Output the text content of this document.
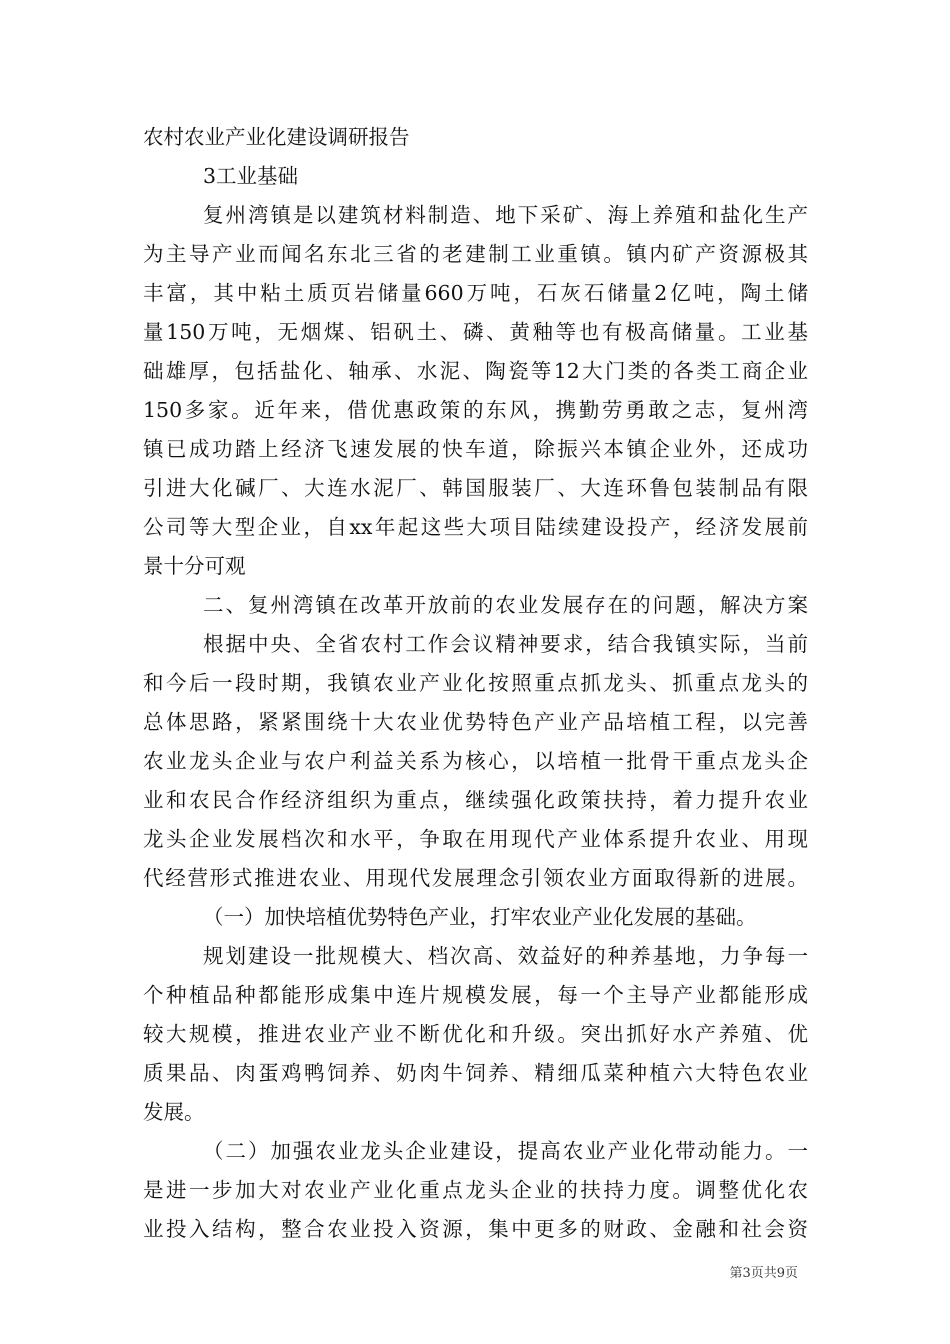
农村农业产业化建设调研报告
3工业基础
复州湾镇是以建筑材料制造、地下采矿、海上养殖和盐化生产
为主导产业而闻名东北三省的老建制工业重镇。镇内矿产资源极其
丰富，其中粘土质页岩储量660万吨，石灰石储量2亿吨，陶土储
量150万吨，无烟煤、铝矾土、磷、黄釉等也有极高储量。工业基
础雄厚，包括盐化、轴承、水泥、陶瓷等12大门类的各类工商企业
150多家。近年来，借优惠政策的东风，携勤劳勇敢之志，复州湾
镇已成功踏上经济飞速发展的快车道，除振兴本镇企业外，还成功
引进大化碱厂、大连水泥厂、韩国服装厂、大连环鲁包装制品有限
公司等大型企业，自xx年起这些大项目陆续建设投产，经济发展前
景十分可观
二、复州湾镇在改革开放前的农业发展存在的问题，解决方案
根据中央、全省农村工作会议精神要求，结合我镇实际，当前
和今后一段时期，我镇农业产业化按照重点抓龙头、抓重点龙头的
总体思路，紧紧围绕十大农业优势特色产业产品培植工程，以完善
农业龙头企业与农户利益关系为核心，以培植一批骨干重点龙头企
业和农民合作经济组织为重点，继续强化政策扶持，着力提升农业
龙头企业发展档次和水平，争取在用现代产业体系提升农业、用现
代经营形式推进农业、用现代发展理念引领农业方面取得新的进展。
（一）加快培植优势特色产业，打牢农业产业化发展的基础。
规划建设一批规模大、档次高、效益好的种养基地，力争每一
个种植品种都能形成集中连片规模发展，每一个主导产业都能形成
较大规模，推进农业产业不断优化和升级。突出抓好水产养殖、优
质果品、肉蛋鸡鸭饲养、奶肉牛饲养、精细瓜菜种植六大特色农业
发展。
（二）加强农业龙头企业建设，提高农业产业化带动能力。一
是进一步加大对农业产业化重点龙头企业的扶持力度。调整优化农
业投入结构，整合农业投入资源，集中更多的财政、金融和社会资
第3页共9页
